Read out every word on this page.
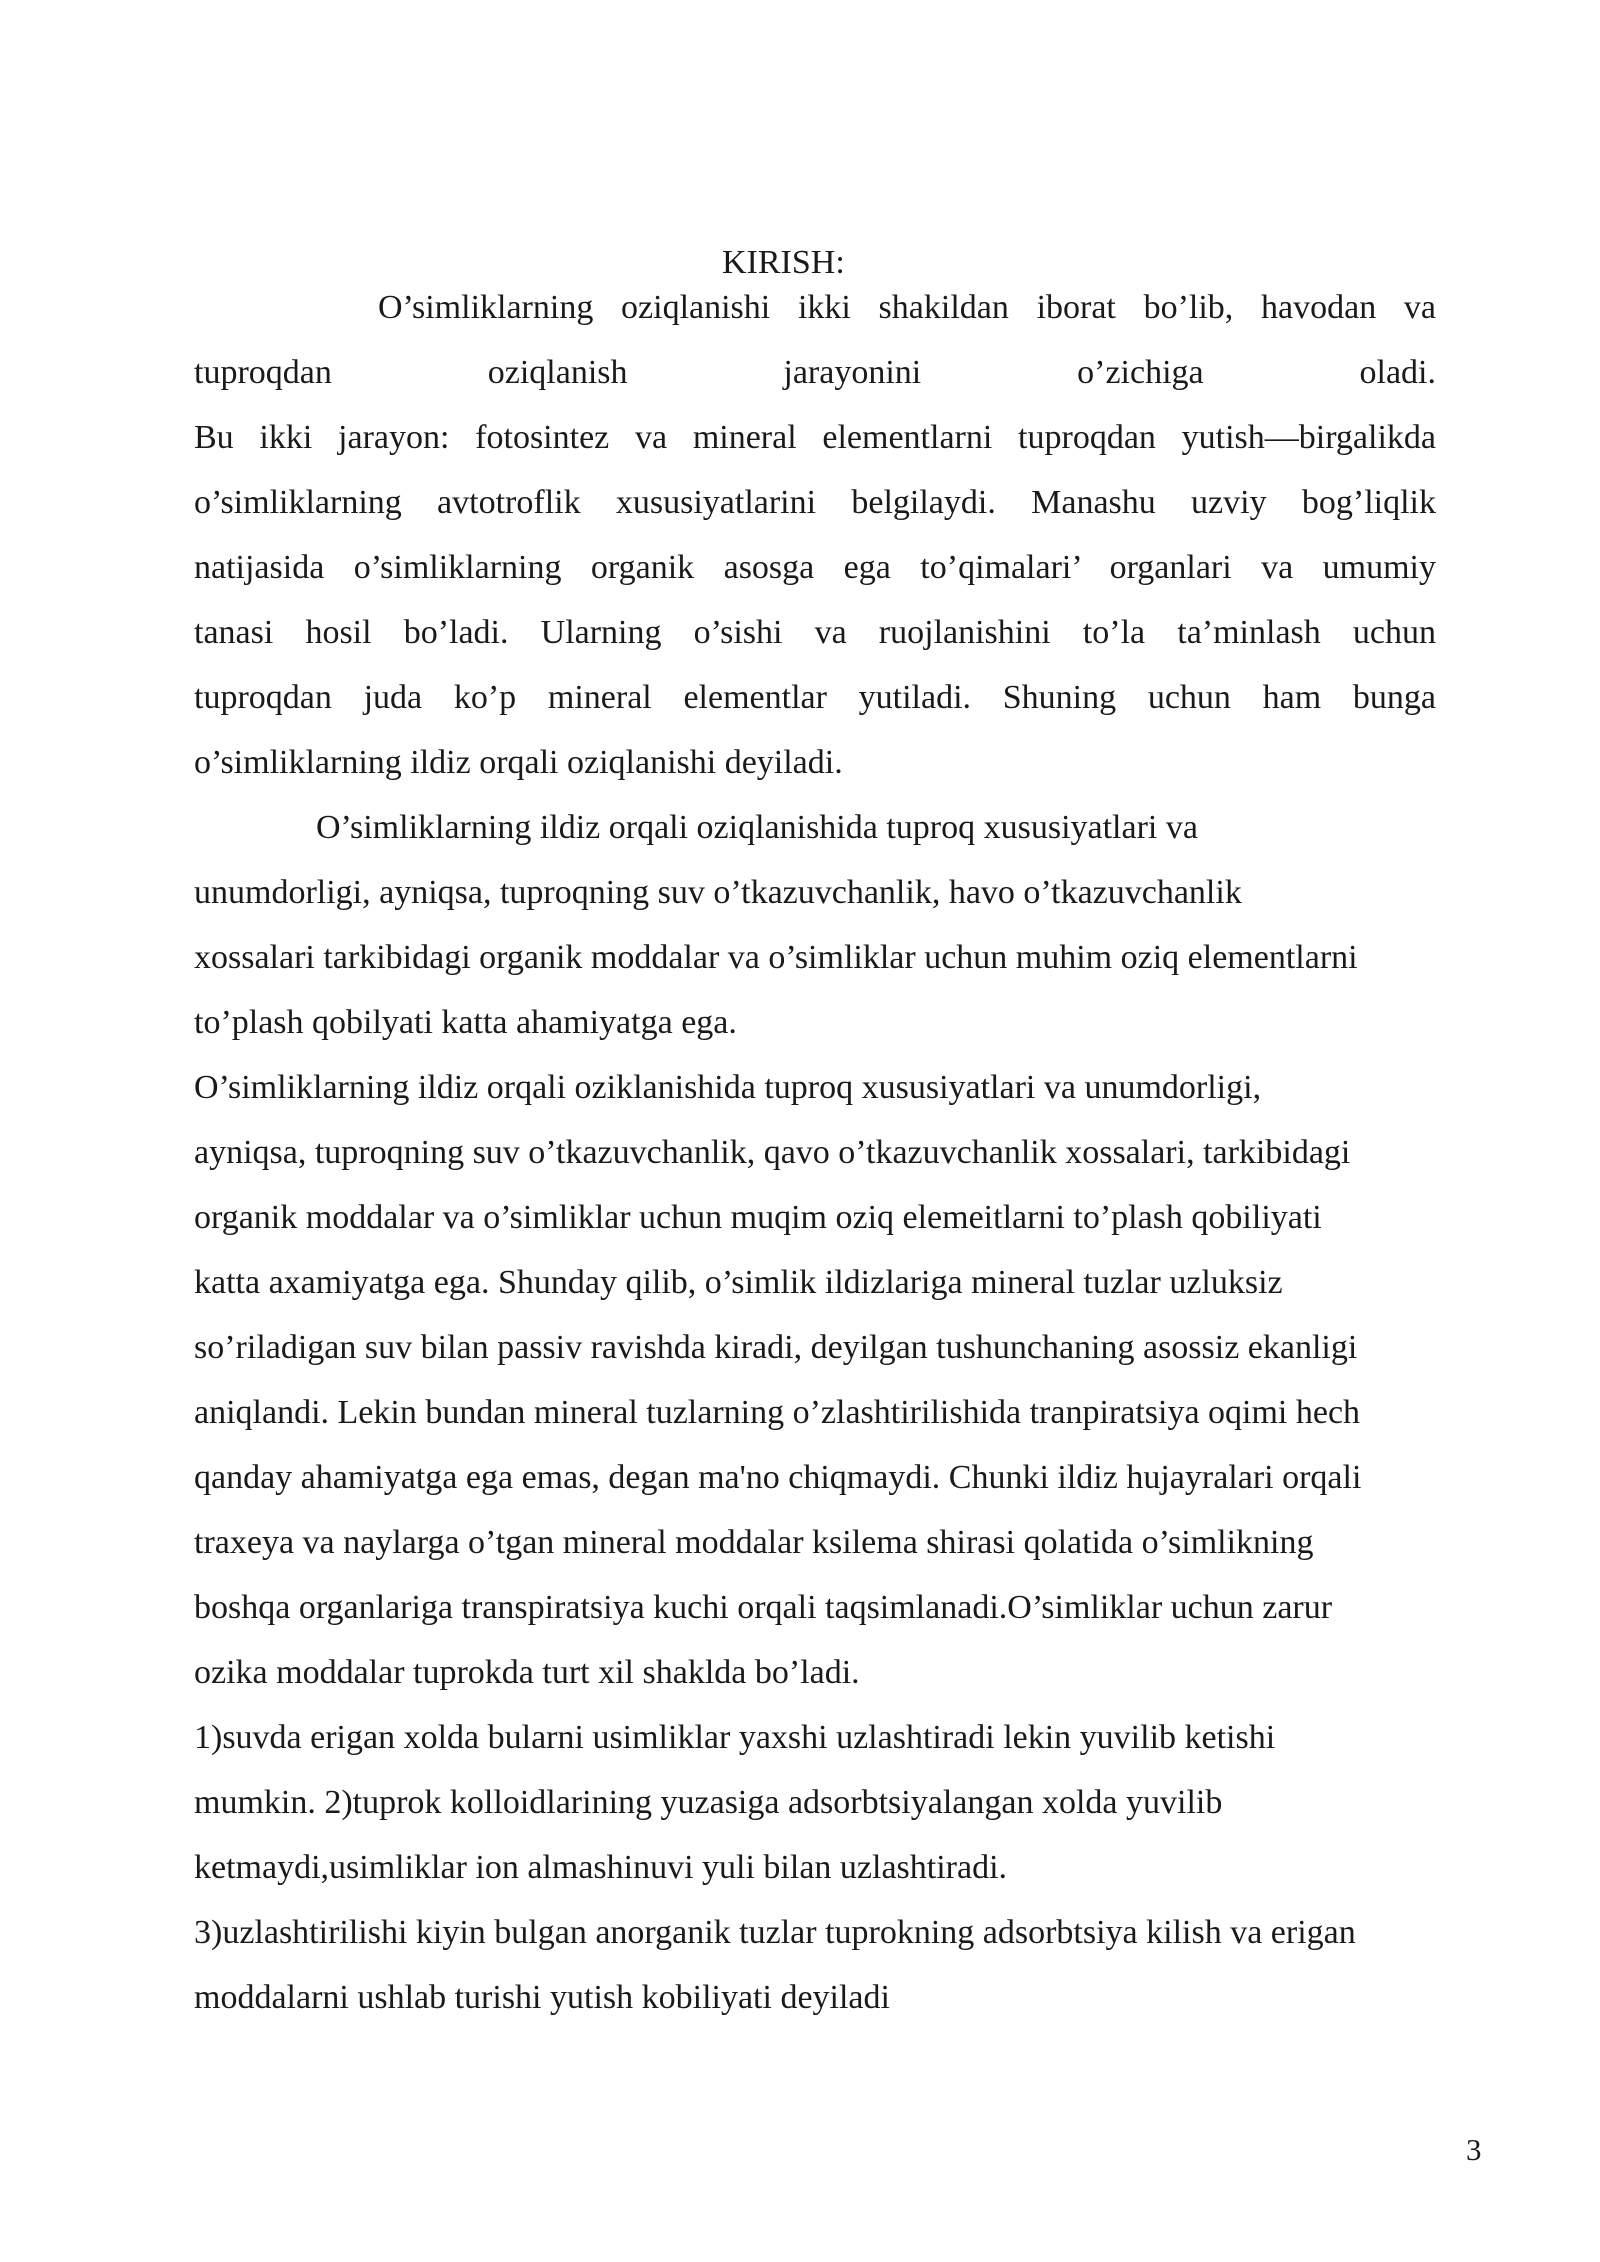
KIRISH:

O’simliklarning oziqlanishi ikki shakildan iborat bo’lib, havodan va

tuproqdan oziqlanish jarayonini o’zichiga oladi.

Bu ikki jarayon: fotosintez va mineral elementlarni tuproqdan yutish—birgalikda

o’simliklarning avtotroflik xususiyatlarini belgilaydi. Manashu uzviy bog’liqlik

natijasida o’simliklarning organik asosga ega to’qimalari’ organlari va umumiy

tanasi hosil bo’ladi. Ularning o’sishi va ruojlanishini to’la ta’minlash uchun

tuproqdan juda ko’p mineral elementlar yutiladi. Shuning uchun ham bunga

o’simliklarning ildiz orqali oziqlanishi deyiladi.

O’simliklarning ildiz orqali oziqlanishida tuproq xususiyatlari va

unumdorligi, ayniqsa, tuproqning suv o’tkazuvchanlik, havo o’tkazuvchanlik

xossalari tarkibidagi organik moddalar va o’simliklar uchun muhim oziq elementlarni

to’plash qobilyati katta ahamiyatga ega.

O’simliklarning ildiz orqali oziklanishida tuproq xususiyatlari va unumdorligi,

ayniqsa, tuproqning suv o’tkazuvchanlik, qavo o’tkazuvchanlik xossalari, tarkibidagi

organik moddalar va o’simliklar uchun muqim oziq elemeitlarni to’plash qobiliyati

katta axamiyatga ega. Shunday qilib, o’simlik ildizlariga mineral tuzlar uzluksiz

so’riladigan suv bilan passiv ravishda kiradi, deyilgan tushunchaning asossiz ekanligi

aniqlandi. Lekin bundan mineral tuzlarning o’zlashtirilishida tranpiratsiya oqimi hech

qanday ahamiyatga ega emas, degan ma'no chiqmaydi. Chunki ildiz hujayralari orqali

traxeya va naylarga o’tgan mineral moddalar ksilema shirasi qolatida o’simlikning

boshqa organlariga transpiratsiya kuchi orqali taqsimlanadi.O’simliklar uchun zarur

ozika moddalar tuprokda turt xil shaklda bo’ladi.

1)suvda erigan xolda bularni usimliklar yaxshi uzlashtiradi lekin yuvilib ketishi

mumkin. 2)tuprok kolloidlarining yuzasiga adsorbtsiyalangan xolda yuvilib

ketmaydi,usimliklar ion almashinuvi yuli bilan uzlashtiradi.

3)uzlashtirilishi kiyin bulgan anorganik tuzlar tuprokning adsorbtsiya kilish va erigan

moddalarni ushlab turishi yutish kobiliyati deyiladi

3
